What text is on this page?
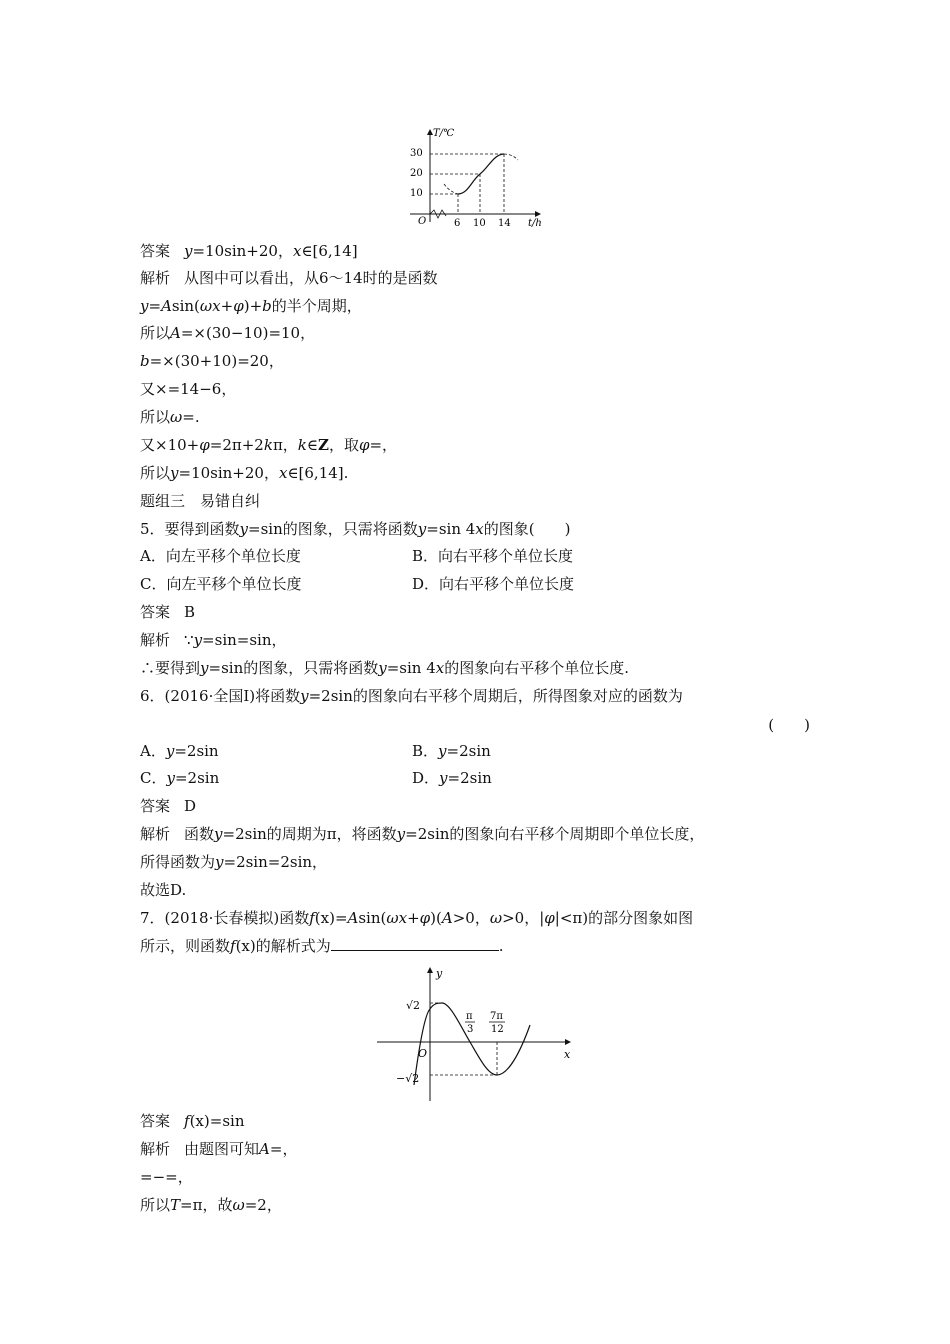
T/℃
t/h
O
30
20
10
6 10 14
答案 y=10sin+20，x∈[6,14]
解析 从图中可以看出，从6～14时的是函数
y=Asin(ωx+φ)+b的半个周期，
所以A=×(30−10)=10，
b=×(30+10)=20，
又×=14−6，
所以ω=.
又×10+φ=2π+2kπ，k∈Z，取φ=，
所以y=10sin+20，x∈[6,14].
题组三　易错自纠
5．要得到函数y=sin的图象，只需将函数y=sin 4x的图象(　　)
A．向左平移个单位长度	B．向右平移个单位长度
C．向左平移个单位长度	D．向右平移个单位长度
答案 B
解析 ∵y=sin=sin，
∴要得到y=sin的图象，只需将函数y=sin 4x的图象向右平移个单位长度.
6．(2016·全国Ⅰ)将函数y=2sin的图象向右平移个周期后，所得图象对应的函数为
(　　)
A．y=2sin	B．y=2sin
C．y=2sin	D．y=2sin
答案 D
解析 函数y=2sin的周期为π，将函数y=2sin的图象向右平移个周期即个单位长度，
所得函数为y=2sin=2sin，
故选D.
7．(2018·长春模拟)函数f(x)=Asin(ωx+φ)(A>0，ω>0，|φ|<π)的部分图象如图
所示，则函数f(x)的解析式为	.
y
x
O
√2
−√2
π
3
7π
12
答案 f(x)=sin
解析 由题图可知A=，
=−=，
所以T=π，故ω=2，
